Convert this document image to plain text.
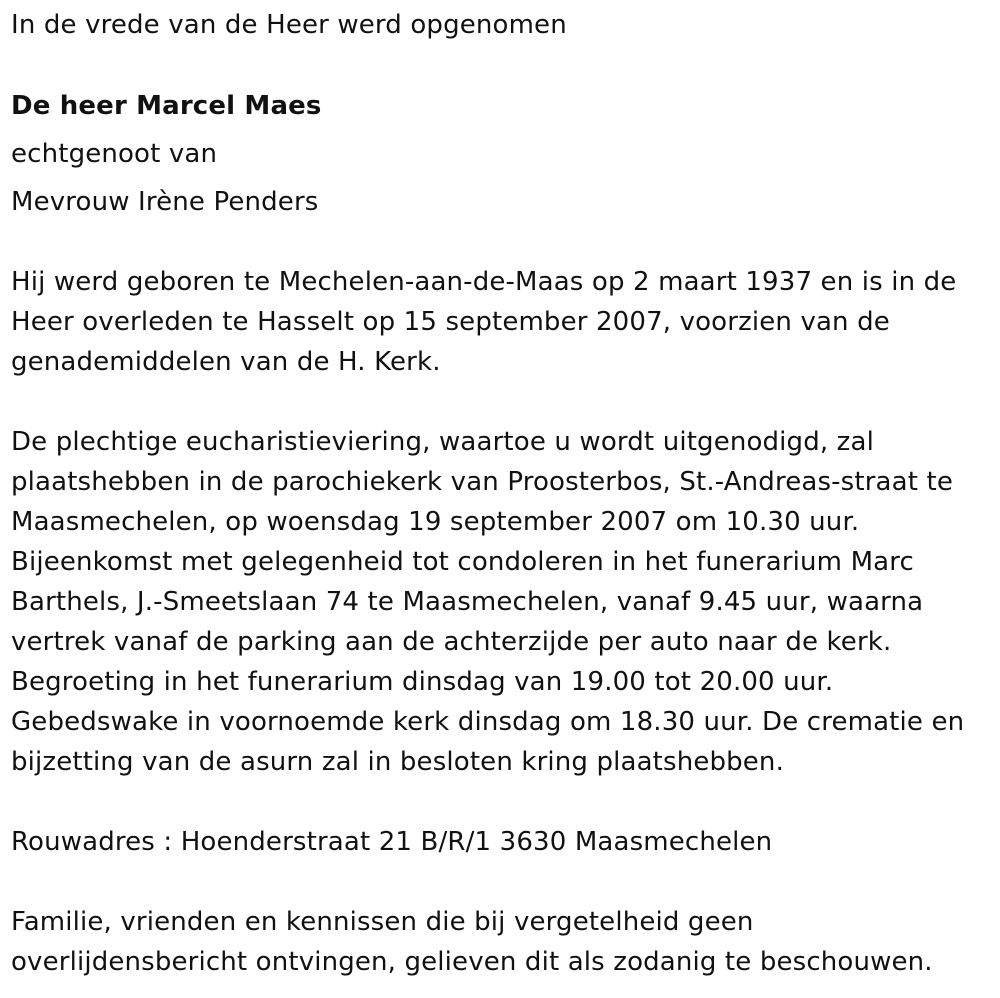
In de vrede van de Heer werd opgenomen
De heer Marcel Maes
echtgenoot van
Mevrouw Irène Penders
Hij werd geboren te Mechelen-aan-de-Maas op 2 maart 1937 en is in de
Heer overleden te Hasselt op 15 september 2007, voorzien van de
genademiddelen van de H. Kerk.
De plechtige eucharistieviering, waartoe u wordt uitgenodigd, zal
plaatshebben in de parochiekerk van Proosterbos, St.-Andreas-straat te
Maasmechelen, op woensdag 19 september 2007 om 10.30 uur.
Bijeenkomst met gelegenheid tot condoleren in het funerarium Marc
Barthels, J.-Smeetslaan 74 te Maasmechelen, vanaf 9.45 uur, waarna
vertrek vanaf de parking aan de achterzijde per auto naar de kerk.
Begroeting in het funerarium dinsdag van 19.00 tot 20.00 uur.
Gebedswake in voornoemde kerk dinsdag om 18.30 uur. De crematie en
bijzetting van de asurn zal in besloten kring plaatshebben.
Rouwadres : Hoenderstraat 21 B/R/1 3630 Maasmechelen
Familie, vrienden en kennissen die bij vergetelheid geen
overlijdensbericht ontvingen, gelieven dit als zodanig te beschouwen.
